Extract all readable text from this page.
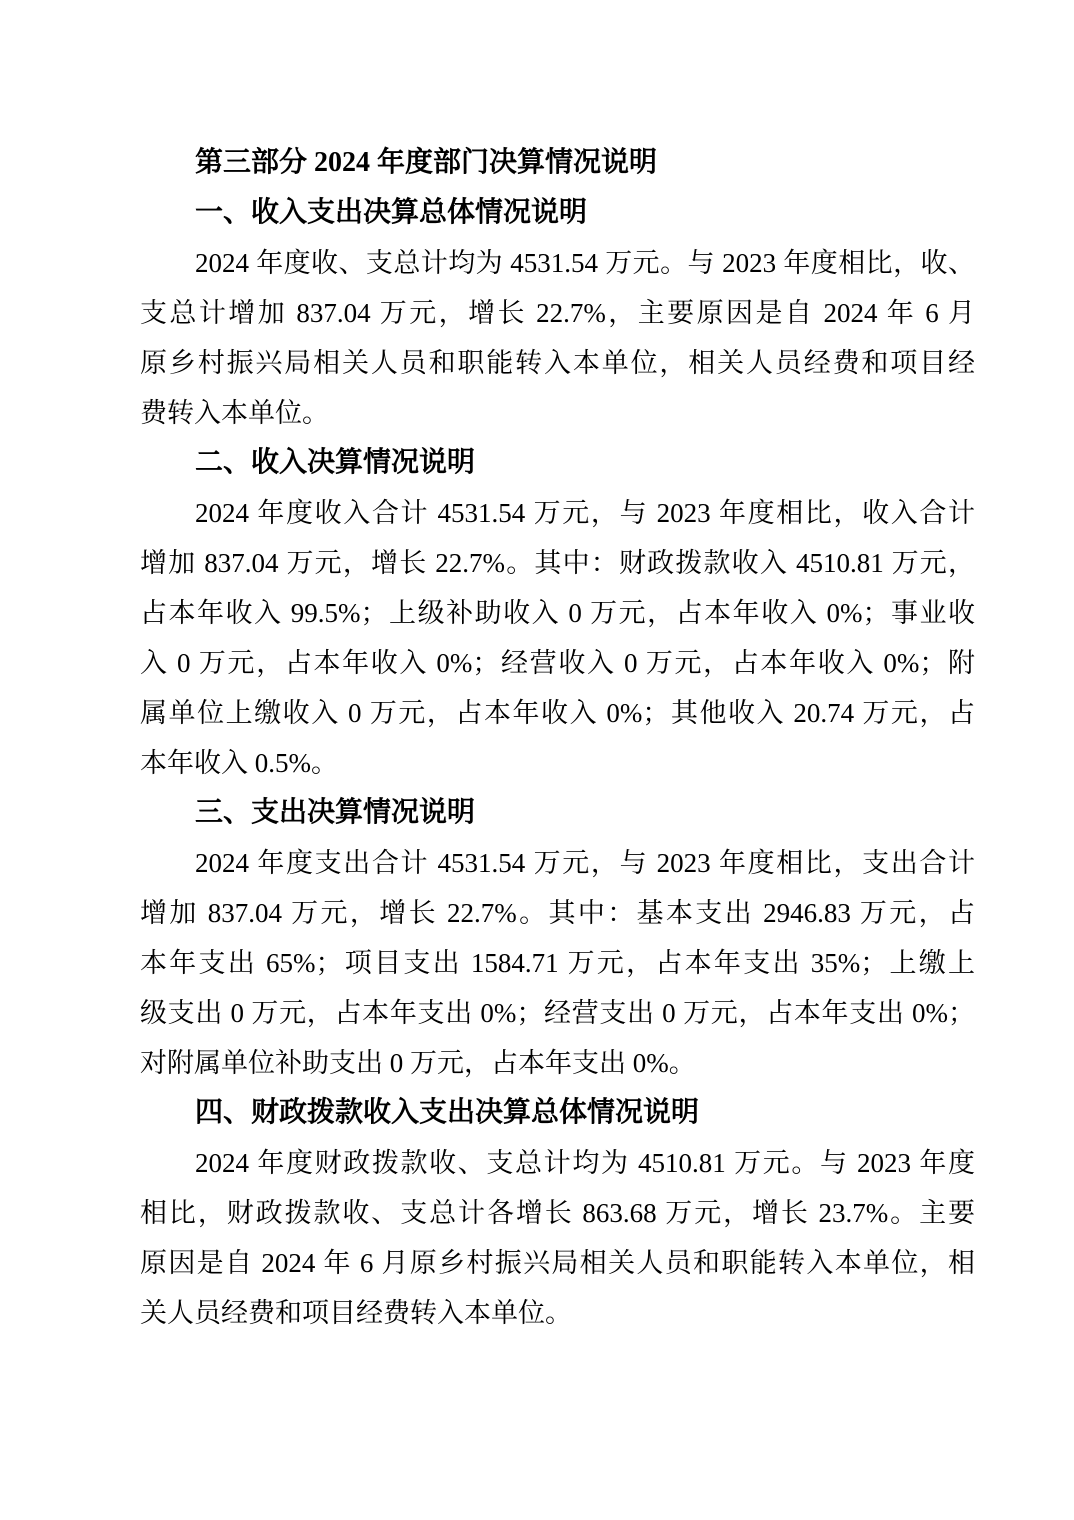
第三部分 2024 年度部门决算情况说明
一、收入支出决算总体情况说明
2024 年度收、支总计均为 4531.54 万元。与 2023 年度相比，收、
支总计增加 837.04 万元，增长 22.7%，主要原因是自 2024 年 6 月
原乡村振兴局相关人员和职能转入本单位，相关人员经费和项目经
费转入本单位。
二、收入决算情况说明
2024 年度收入合计 4531.54 万元，与 2023 年度相比，收入合计
增加 837.04 万元，增长 22.7%。其中：财政拨款收入 4510.81 万元，
占本年收入 99.5%；上级补助收入 0 万元，占本年收入 0%；事业收
入 0 万元，占本年收入 0%；经营收入 0 万元，占本年收入 0%；附
属单位上缴收入 0 万元，占本年收入 0%；其他收入 20.74 万元，占
本年收入 0.5%。
三、支出决算情况说明
2024 年度支出合计 4531.54 万元，与 2023 年度相比，支出合计
增加 837.04 万元，增长 22.7%。其中：基本支出 2946.83 万元，占
本年支出 65%；项目支出 1584.71 万元，占本年支出 35%；上缴上
级支出 0 万元，占本年支出 0%；经营支出 0 万元，占本年支出 0%；
对附属单位补助支出 0 万元，占本年支出 0%。
四、财政拨款收入支出决算总体情况说明
2024 年度财政拨款收、支总计均为 4510.81 万元。与 2023 年度
相比，财政拨款收、支总计各增长 863.68 万元，增长 23.7%。主要
原因是自 2024 年 6 月原乡村振兴局相关人员和职能转入本单位，相
关人员经费和项目经费转入本单位。
